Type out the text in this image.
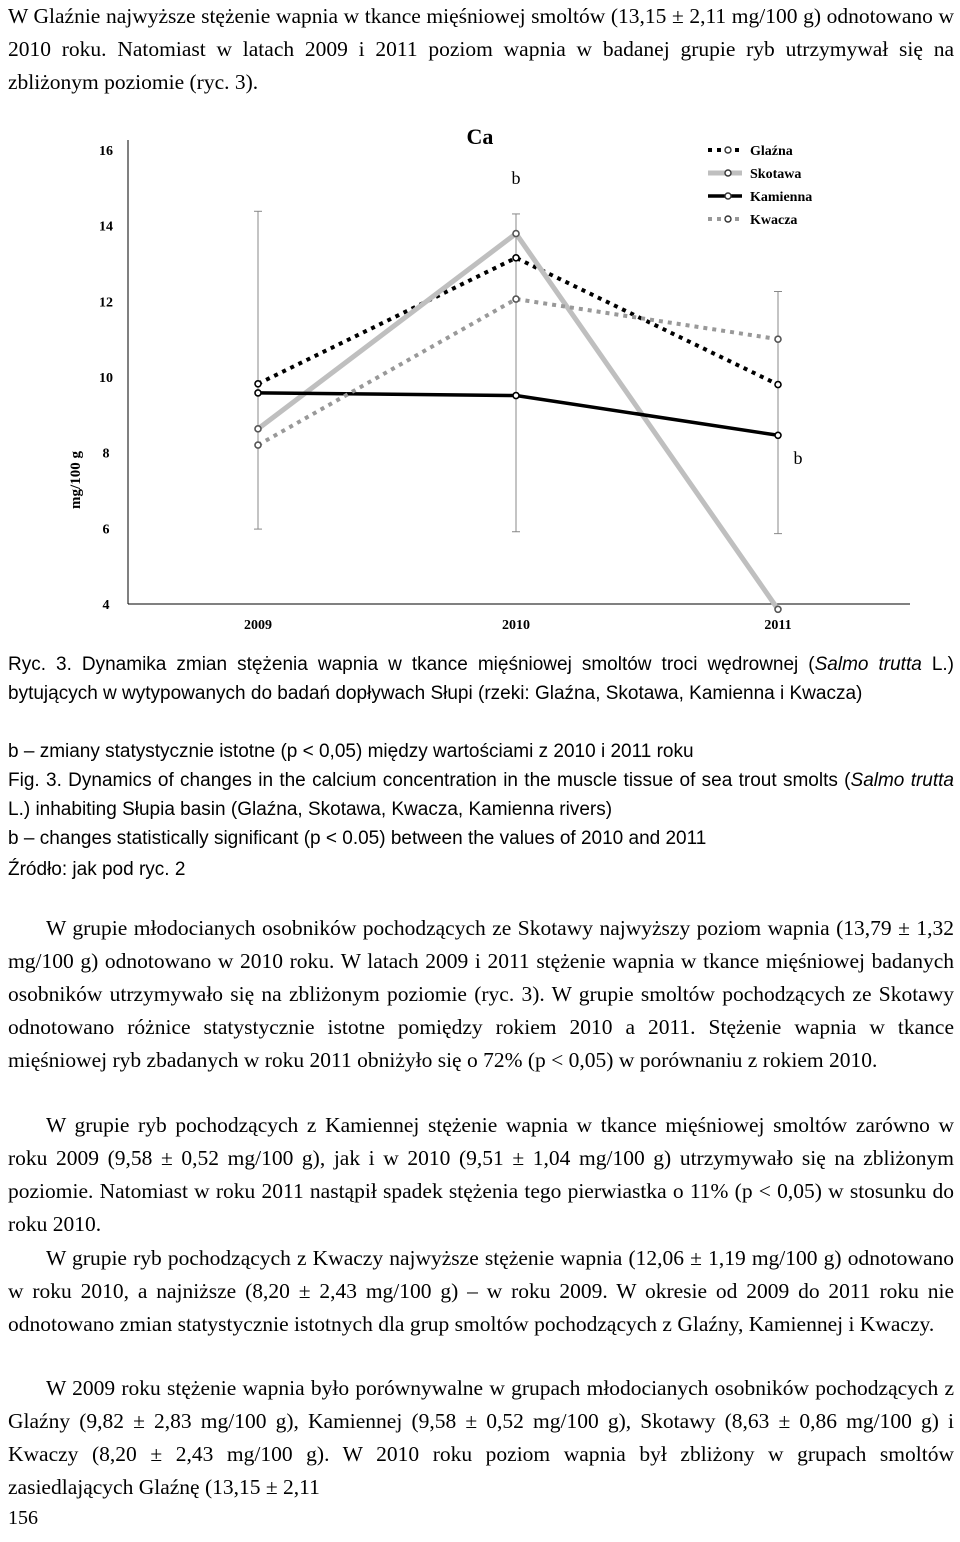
W Glaźnie najwyższe stężenie wapnia w tkance mięśniowej smoltów (13,15 ± 2,11 mg/100 g) odnotowano w 2010 roku. Natomiast w latach 2009 i 2011 poziom wapnia w badanej grupie ryb utrzymywał się na zbliżonym poziomie (ryc. 3).

4
6
8
10
12
14
16
2009	2010	2011
b
b
Glaźna
Skotawa
Kamienna
Kwacza
Ca
mg/100 g
Ryc. 3. Dynamika zmian stężenia wapnia w tkance mięśniowej smoltów troci wędrownej (Salmo trutta L.) bytujących w wytypowanych do badań dopływach Słupi (rzeki: Glaźna, Skotawa, Kamienna i Kwacza)
b – zmiany statystycznie istotne (p < 0,05) między wartościami z 2010 i 2011 roku
Fig. 3. Dynamics of changes in the calcium concentration in the muscle tissue of sea trout smolts (Salmo trutta L.) inhabiting Słupia basin (Glaźna, Skotawa, Kwacza, Kamienna rivers)
b – changes statistically significant (p < 0.05) between the values of 2010 and 2011
Źródło: jak pod ryc. 2

W grupie młodocianych osobników pochodzących ze Skotawy najwyższy poziom wapnia (13,79 ± 1,32 mg/100 g) odnotowano w 2010 roku. W latach 2009 i 2011 stężenie wapnia w tkance mięśniowej badanych osobników utrzymywało się na zbliżonym poziomie (ryc. 3). W grupie smoltów pochodzących ze Skotawy odnotowano różnice statystycznie istotne pomiędzy rokiem 2010 a 2011. Stężenie wapnia w tkance mięśniowej ryb zbadanych w roku 2011 obniżyło się o 72% (p < 0,05) w porównaniu z rokiem 2010.

W grupie ryb pochodzących z Kamiennej stężenie wapnia w tkance mięśniowej smoltów zarówno w roku 2009 (9,58 ± 0,52 mg/100 g), jak i w 2010 (9,51 ± 1,04 mg/100 g) utrzymywało się na zbliżonym poziomie. Natomiast w roku 2011 nastąpił spadek stężenia tego pierwiastka o 11% (p < 0,05) w stosunku do roku 2010.

W grupie ryb pochodzących z Kwaczy najwyższe stężenie wapnia (12,06 ± 1,19 mg/100 g) odnotowano w roku 2010, a najniższe (8,20 ± 2,43 mg/100 g) – w roku 2009. W okresie od 2009 do 2011 roku nie odnotowano zmian statystycznie istotnych dla grup smoltów pochodzących z Glaźny, Kamiennej i Kwaczy.

W 2009 roku stężenie wapnia było porównywalne w grupach młodocianych osobników pochodzących z Glaźny (9,82 ± 2,83 mg/100 g), Kamiennej (9,58 ± 0,52 mg/100 g), Skotawy (8,63 ± 0,86 mg/100 g) i Kwaczy (8,20 ± 2,43 mg/100 g). W 2010 roku poziom wapnia był zbliżony w grupach smoltów zasiedlających Glaźnę (13,15 ± 2,11

156
